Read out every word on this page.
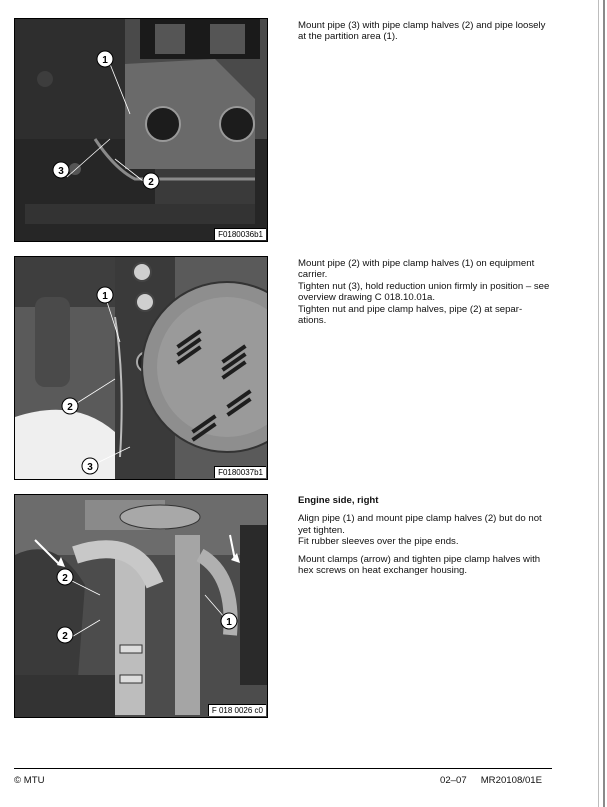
1
3
2
F0180036b1

Mount pipe (3) with pipe clamp halves (2) and pipe loosely at the partition area (1).

1
2
3	F0180037b1

Mount pipe (2) with pipe clamp halves (1) on equipment carrier.

Tighten nut (3), hold reduction union firmly in position – see overview drawing C 018.10.01a.

Tighten nut and pipe clamp halves, pipe (2) at separ-ations.

2
2
1
F 018 0026 c0

Engine side, right

Align pipe (1) and mount pipe clamp halves (2) but do not yet tighten.

Fit rubber sleeves over the pipe ends.

Mount clamps (arrow) and tighten pipe clamp halves with hex screws on heat exchanger housing.

© MTU	02–07 MR20108/01E
